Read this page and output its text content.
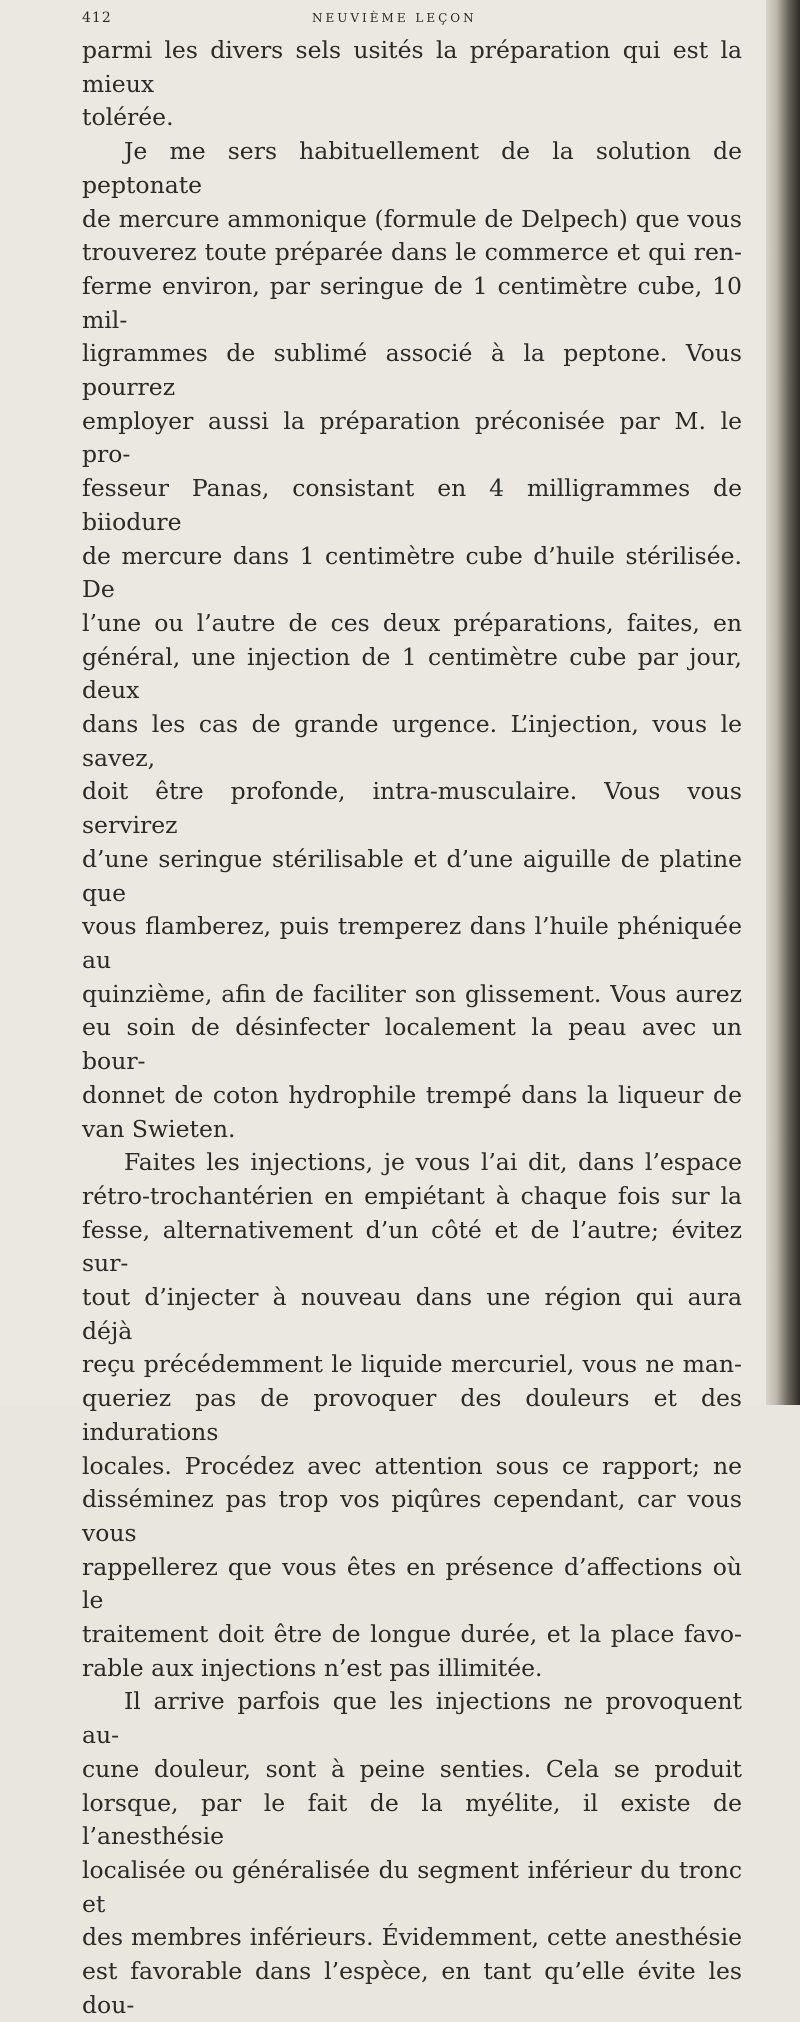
412	NEUVIÈME LEÇON

parmi les divers sels usités la préparation qui est la mieux

tolérée.

Je me sers habituellement de la solution de peptonate

de mercure ammonique (formule de Delpech) que vous

trouverez toute préparée dans le commerce et qui ren-

ferme environ, par seringue de 1 centimètre cube, 10 mil-

ligrammes de sublimé associé à la peptone. Vous pourrez

employer aussi la préparation préconisée par M. le pro-

fesseur Panas, consistant en 4 milligrammes de biiodure

de mercure dans 1 centimètre cube d’huile stérilisée. De

l’une ou l’autre de ces deux préparations, faites, en

général, une injection de 1 centimètre cube par jour, deux

dans les cas de grande urgence. L’injection, vous le savez,

doit être profonde, intra-musculaire. Vous vous servirez

d’une seringue stérilisable et d’une aiguille de platine que

vous flamberez, puis tremperez dans l’huile phéniquée au

quinzième, afin de faciliter son glissement. Vous aurez

eu soin de désinfecter localement la peau avec un bour-

donnet de coton hydrophile trempé dans la liqueur de

van Swieten.

Faites les injections, je vous l’ai dit, dans l’espace

rétro-trochantérien en empiétant à chaque fois sur la

fesse, alternativement d’un côté et de l’autre; évitez sur-

tout d’injecter à nouveau dans une région qui aura déjà

reçu précédemment le liquide mercuriel, vous ne man-

queriez pas de provoquer des douleurs et des indurations

locales. Procédez avec attention sous ce rapport; ne

disséminez pas trop vos piqûres cependant, car vous vous

rappellerez que vous êtes en présence d’affections où le

traitement doit être de longue durée, et la place favo-

rable aux injections n’est pas illimitée.

Il arrive parfois que les injections ne provoquent au-

cune douleur, sont à peine senties. Cela se produit

lorsque, par le fait de la myélite, il existe de l’anesthésie

localisée ou généralisée du segment inférieur du tronc et

des membres inférieurs. Évidemment, cette anesthésie

est favorable dans l’espèce, en tant qu’elle évite les dou-
